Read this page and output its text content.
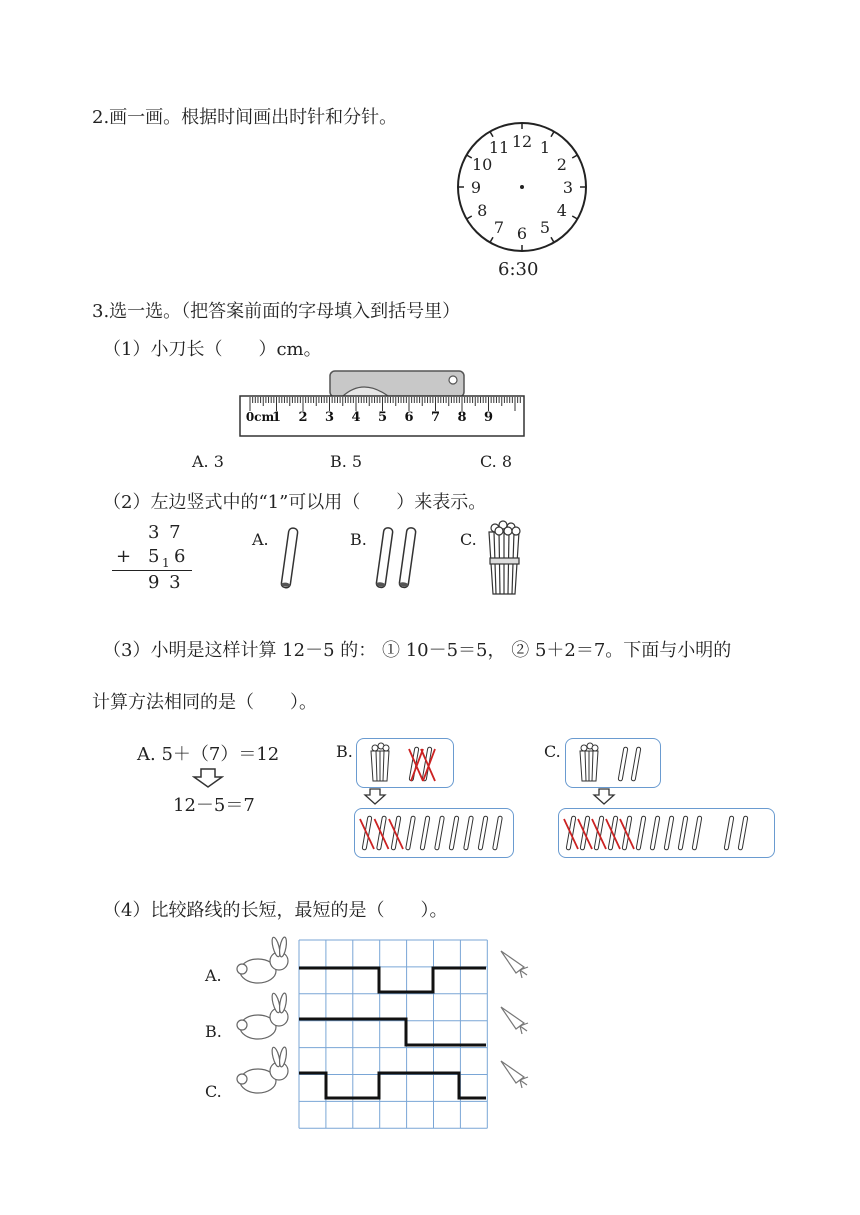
2.画一画。根据时间画出时针和分针。
12 1
2
3
4
5
6
7
8
9
10
11
6:30
3.选一选。（把答案前面的字母填入到括号里）
（1）小刀长（　　）cm。
0cm
1 2 3 4 5 6 7 8 9
A. 3	B. 5	C. 8
（2）左边竖式中的“1”可以用（　　）来表示。
3 7
+ 5 1 6
9 3
A.	B.	C.
（3）小明是这样计算 12－5 的： ① 10－5＝5， ② 5＋2＝7。下面与小明的
计算方法相同的是（　　）。
A. 5＋（7）＝12
12－5＝7
B.	C.
（4）比较路线的长短，最短的是（　　）。
A.
B.
C.
